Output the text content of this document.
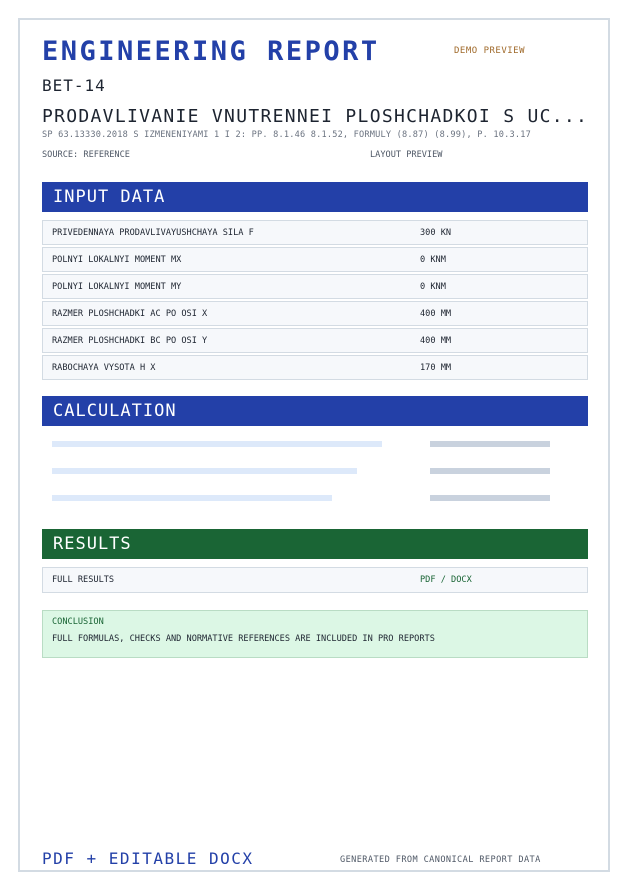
ENGINEERING REPORT	DEMO PREVIEW
BET-14
PRODAVLIVANIE VNUTRENNEI PLOSHCHADKOI S UC...
SP 63.13330.2018 S IZMENENIYAMI 1 I 2: PP. 8.1.46 8.1.52, FORMULY (8.87) (8.99), P. 10.3.17
SOURCE: REFERENCE	LAYOUT PREVIEW
INPUT DATA
PRIVEDENNAYA PRODAVLIVAYUSHCHAYA SILA F	300 KN
POLNYI LOKALNYI MOMENT MX	0 KNM
POLNYI LOKALNYI MOMENT MY	0 KNM
RAZMER PLOSHCHADKI AC PO OSI X	400 MM
RAZMER PLOSHCHADKI BC PO OSI Y	400 MM
RABOCHAYA VYSOTA H X	170 MM
CALCULATION
RESULTS
FULL RESULTS	PDF / DOCX
CONCLUSION
FULL FORMULAS, CHECKS AND NORMATIVE REFERENCES ARE INCLUDED IN PRO REPORTS
PDF + EDITABLE DOCX	GENERATED FROM CANONICAL REPORT DATA
